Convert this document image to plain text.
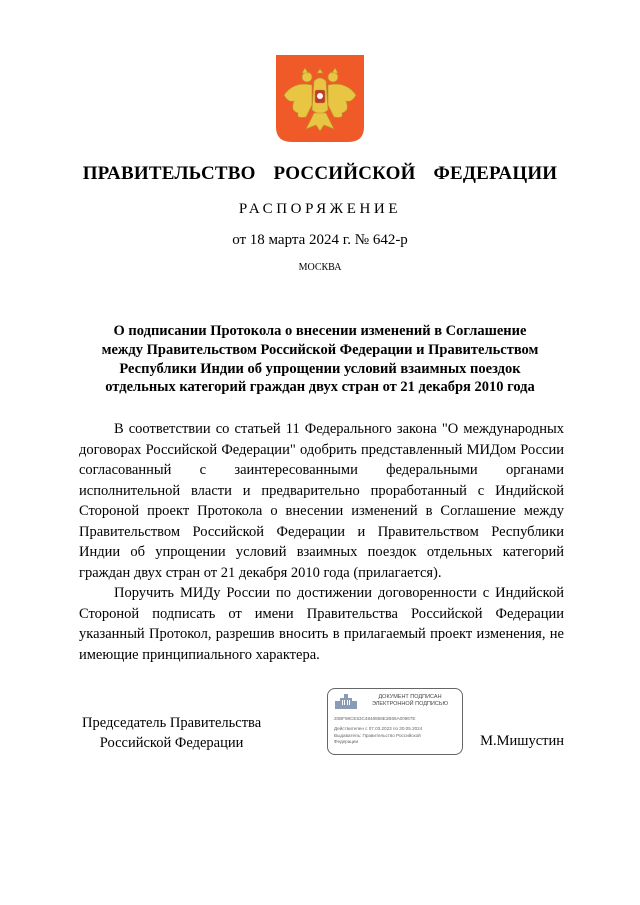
ПРАВИТЕЛЬСТВО  РОССИЙСКОЙ  ФЕДЕРАЦИИ
РАСПОРЯЖЕНИЕ
от 18 марта 2024 г. № 642-р
МОСКВА
О подписании Протокола о внесении изменений в Соглашение
между Правительством Российской Федерации и Правительством
Республики Индии об упрощении условий взаимных поездок
отдельных категорий граждан двух стран от 21 декабря 2010 года

В соответствии со статьей 11 Федерального закона "О международных договорах Российской Федерации" одобрить представленный МИДом России согласованный с заинтересованными федеральными органами исполнительной власти и предварительно проработанный с Индийской Стороной проект Протокола о внесении изменений в Соглашение между Правительством Российской Федерации и Правительством Республики Индии об упрощении условий взаимных поездок отдельных категорий граждан двух стран от 21 декабря 2010 года (прилагается).

Поручить МИДу России по достижении договоренности с Индийской Стороной подписать от имени Правительства Российской Федерации указанный Протокол, разрешив вносить в прилагаемый проект изменения, не имеющие принципиального характера.

Председатель Правительства
Российской Федерации
ДОКУМЕНТ ПОДПИСАН
ЭЛЕКТРОННОЙ ПОДПИСЬЮ
20BF98CE53C4848868E2B66A00967E
Действителен с 07.03.2023 по 30.05.2024
Выдаватель: Правительство Российской
Федерации	М.Мишустин
